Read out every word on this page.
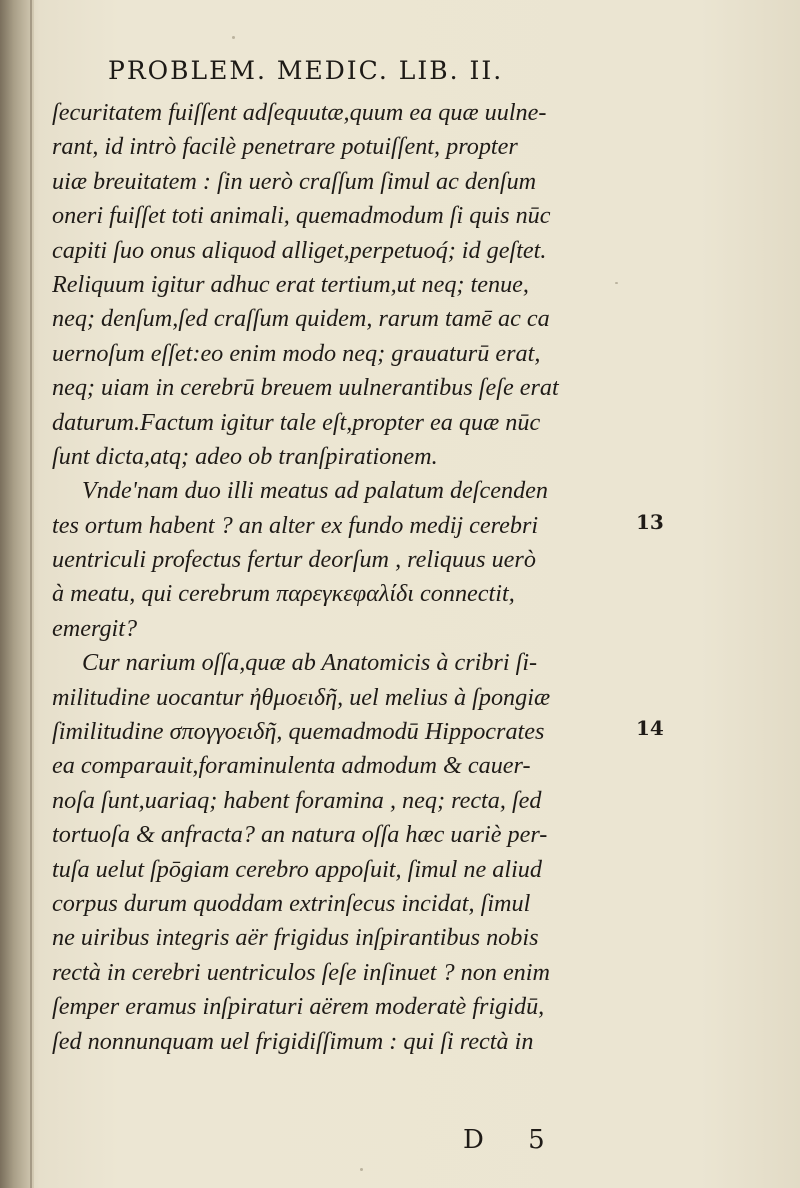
PROBLEM. MEDIC. LIB. II.
ſecuritatem fuiſſent adſequutæ,quum ea quæ uulne-
rant, id intrò facilè penetrare potuiſſent, propter
uiæ breuitatem : ſin uerò craſſum ſimul ac denſum
oneri fuiſſet toti animali, quemadmodum ſi quis nūc
capiti ſuo onus aliquod alliget,perpetuoq́; id geſtet.
Reliquum igitur adhuc erat tertium,ut neq; tenue,
neq; denſum,ſed craſſum quidem, rarum tamē ac ca
uernoſum eſſet:eo enim modo neq; grauaturū erat,
neq; uiam in cerebrū breuem uulnerantibus ſeſe erat
daturum.Factum igitur tale eſt,propter ea quæ nūc
ſunt dicta,atq; adeo ob tranſpirationem.
Vnde'nam duo illi meatus ad palatum deſcenden
tes ortum habent ? an alter ex fundo medij cerebri
uentriculi profectus fertur deorſum , reliquus uerò
à meatu, qui cerebrum παρεγκεφαλίδι connectit,
emergit?
Cur narium oſſa,quæ ab Anatomicis à cribri ſi-
militudine uocantur ἠθμοειδῆ, uel melius à ſpongiæ
ſimilitudine σπογγοειδῆ, quemadmodū Hippocrates
ea comparauit,foraminulenta admodum & cauer-
noſa ſunt,uariaq; habent foramina , neq; recta, ſed
tortuoſa & anfracta? an natura oſſa hæc uariè per-
tuſa uelut ſpōgiam cerebro appoſuit, ſimul ne aliud
corpus durum quoddam extrinſecus incidat, ſimul
ne uiribus integris aër frigidus inſpirantibus nobis
rectà in cerebri uentriculos ſeſe inſinuet ? non enim
ſemper eramus inſpiraturi aërem moderatè frigidū,
ſed nonnunquam uel frigidiſſimum : qui ſi rectà in
13
14
D 5
